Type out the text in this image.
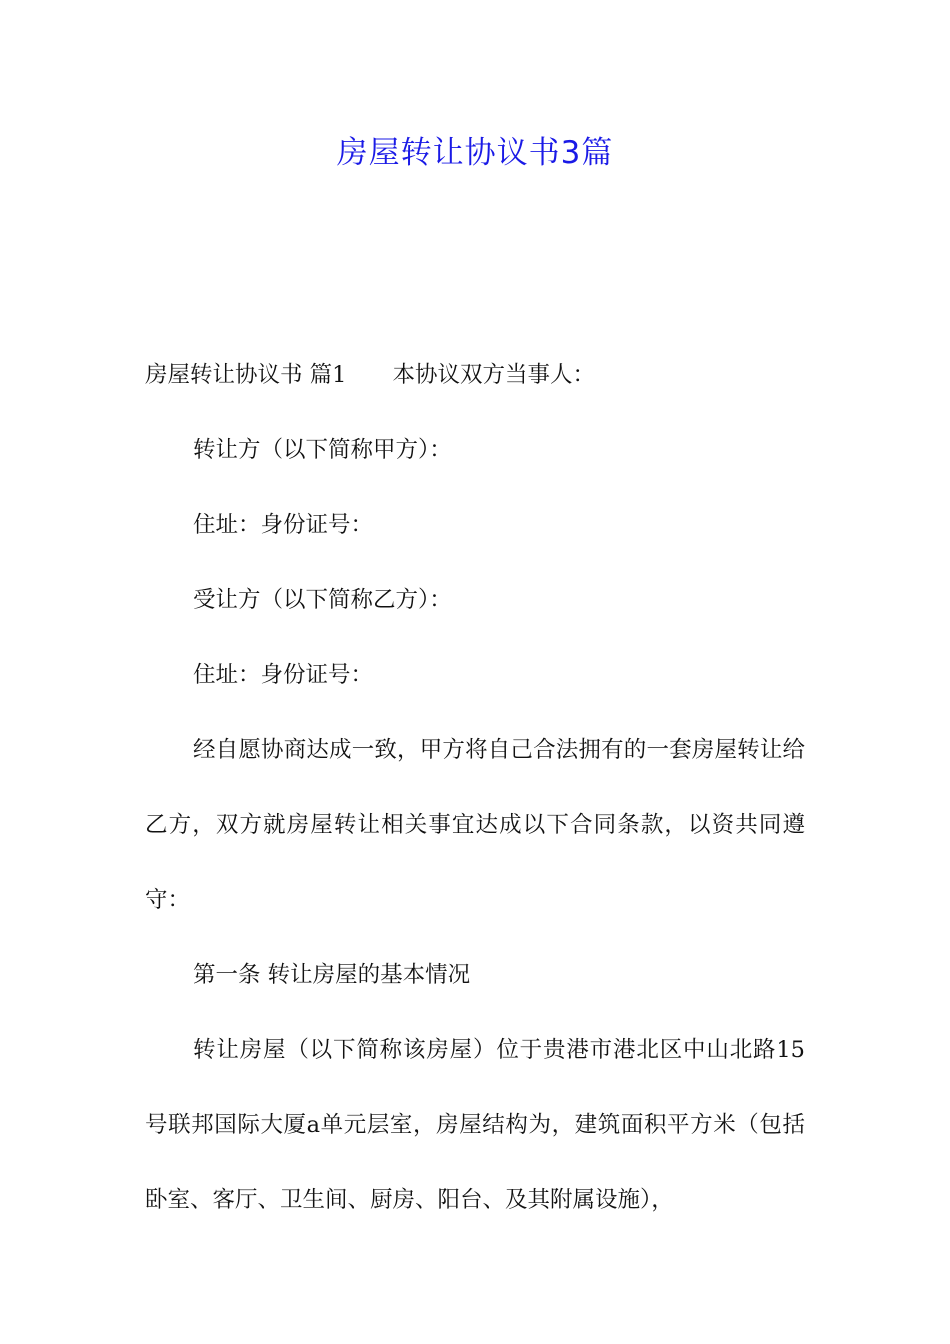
房屋转让协议书3篇

房屋转让协议书 篇1 本协议双方当事人：

转让方（以下简称甲方）：

住址：身份证号：

受让方（以下简称乙方）：

住址：身份证号：

经自愿协商达成一致，甲方将自己合法拥有的一套房屋转让给乙方，双方就房屋转让相关事宜达成以下合同条款，以资共同遵守：

第一条 转让房屋的基本情况

转让房屋（以下简称该房屋）位于贵港市港北区中山北路15号联邦国际大厦a单元层室，房屋结构为，建筑面积平方米（包括卧室、客厅、卫生间、厨房、阳台、及其附属设施），
